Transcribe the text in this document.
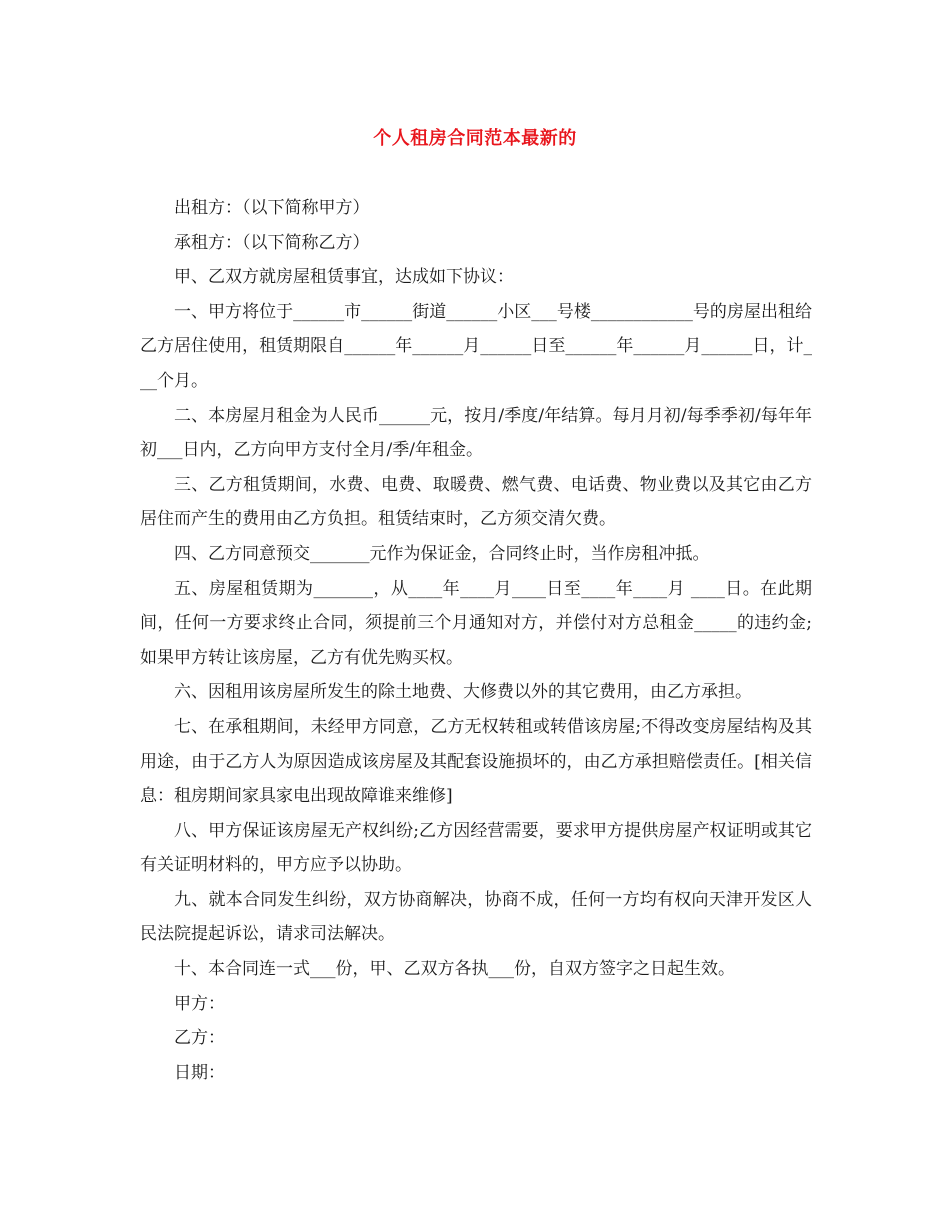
个人租房合同范本最新的

出租方：（以下简称甲方）

承租方：（以下简称乙方）

甲、乙双方就房屋租赁事宜，达成如下协议：

一、甲方将位于______市______街道______小区___号楼____________号的房屋出租给乙方居住使用，租赁期限自______年______月______日至______年______月______日，计___个月。

二、本房屋月租金为人民币______元，按月/季度/年结算。每月月初/每季季初/每年年初___日内，乙方向甲方支付全月/季/年租金。

三、乙方租赁期间，水费、电费、取暖费、燃气费、电话费、物业费以及其它由乙方居住而产生的费用由乙方负担。租赁结束时，乙方须交清欠费。

四、乙方同意预交_______元作为保证金，合同终止时，当作房租冲抵。

五、房屋租赁期为_______，从____年____月____日至____年____月 ____日。在此期间，任何一方要求终止合同，须提前三个月通知对方，并偿付对方总租金_____的违约金;如果甲方转让该房屋，乙方有优先购买权。

六、因租用该房屋所发生的除土地费、大修费以外的其它费用，由乙方承担。

七、在承租期间，未经甲方同意，乙方无权转租或转借该房屋;不得改变房屋结构及其用途，由于乙方人为原因造成该房屋及其配套设施损坏的，由乙方承担赔偿责任。[相关信息：租房期间家具家电出现故障谁来维修]

八、甲方保证该房屋无产权纠纷;乙方因经营需要，要求甲方提供房屋产权证明或其它有关证明材料的，甲方应予以协助。

九、就本合同发生纠纷，双方协商解决，协商不成，任何一方均有权向天津开发区人民法院提起诉讼，请求司法解决。

十、本合同连一式___份，甲、乙双方各执___份，自双方签字之日起生效。

甲方：

乙方：

日期：
